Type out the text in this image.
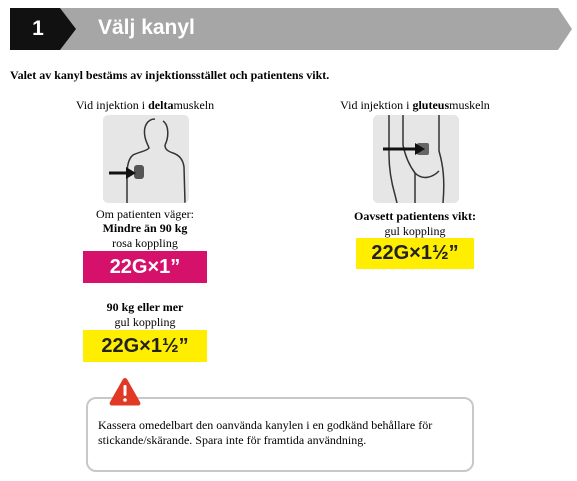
1	Välj kanyl
Valet av kanyl bestäms av injektionsstället och patientens vikt.
Vid injektion i deltamuskeln
Om patienten väger:
Mindre än 90 kg
rosa koppling
22G×1”
90 kg eller mer
gul koppling
22G×1½”
Vid injektion i gluteusmuskeln
Oavsett patientens vikt:
gul koppling
22G×1½”
Kassera omedelbart den oanvända kanylen i en godkänd behållare för stickande/skärande. Spara inte för framtida användning.
